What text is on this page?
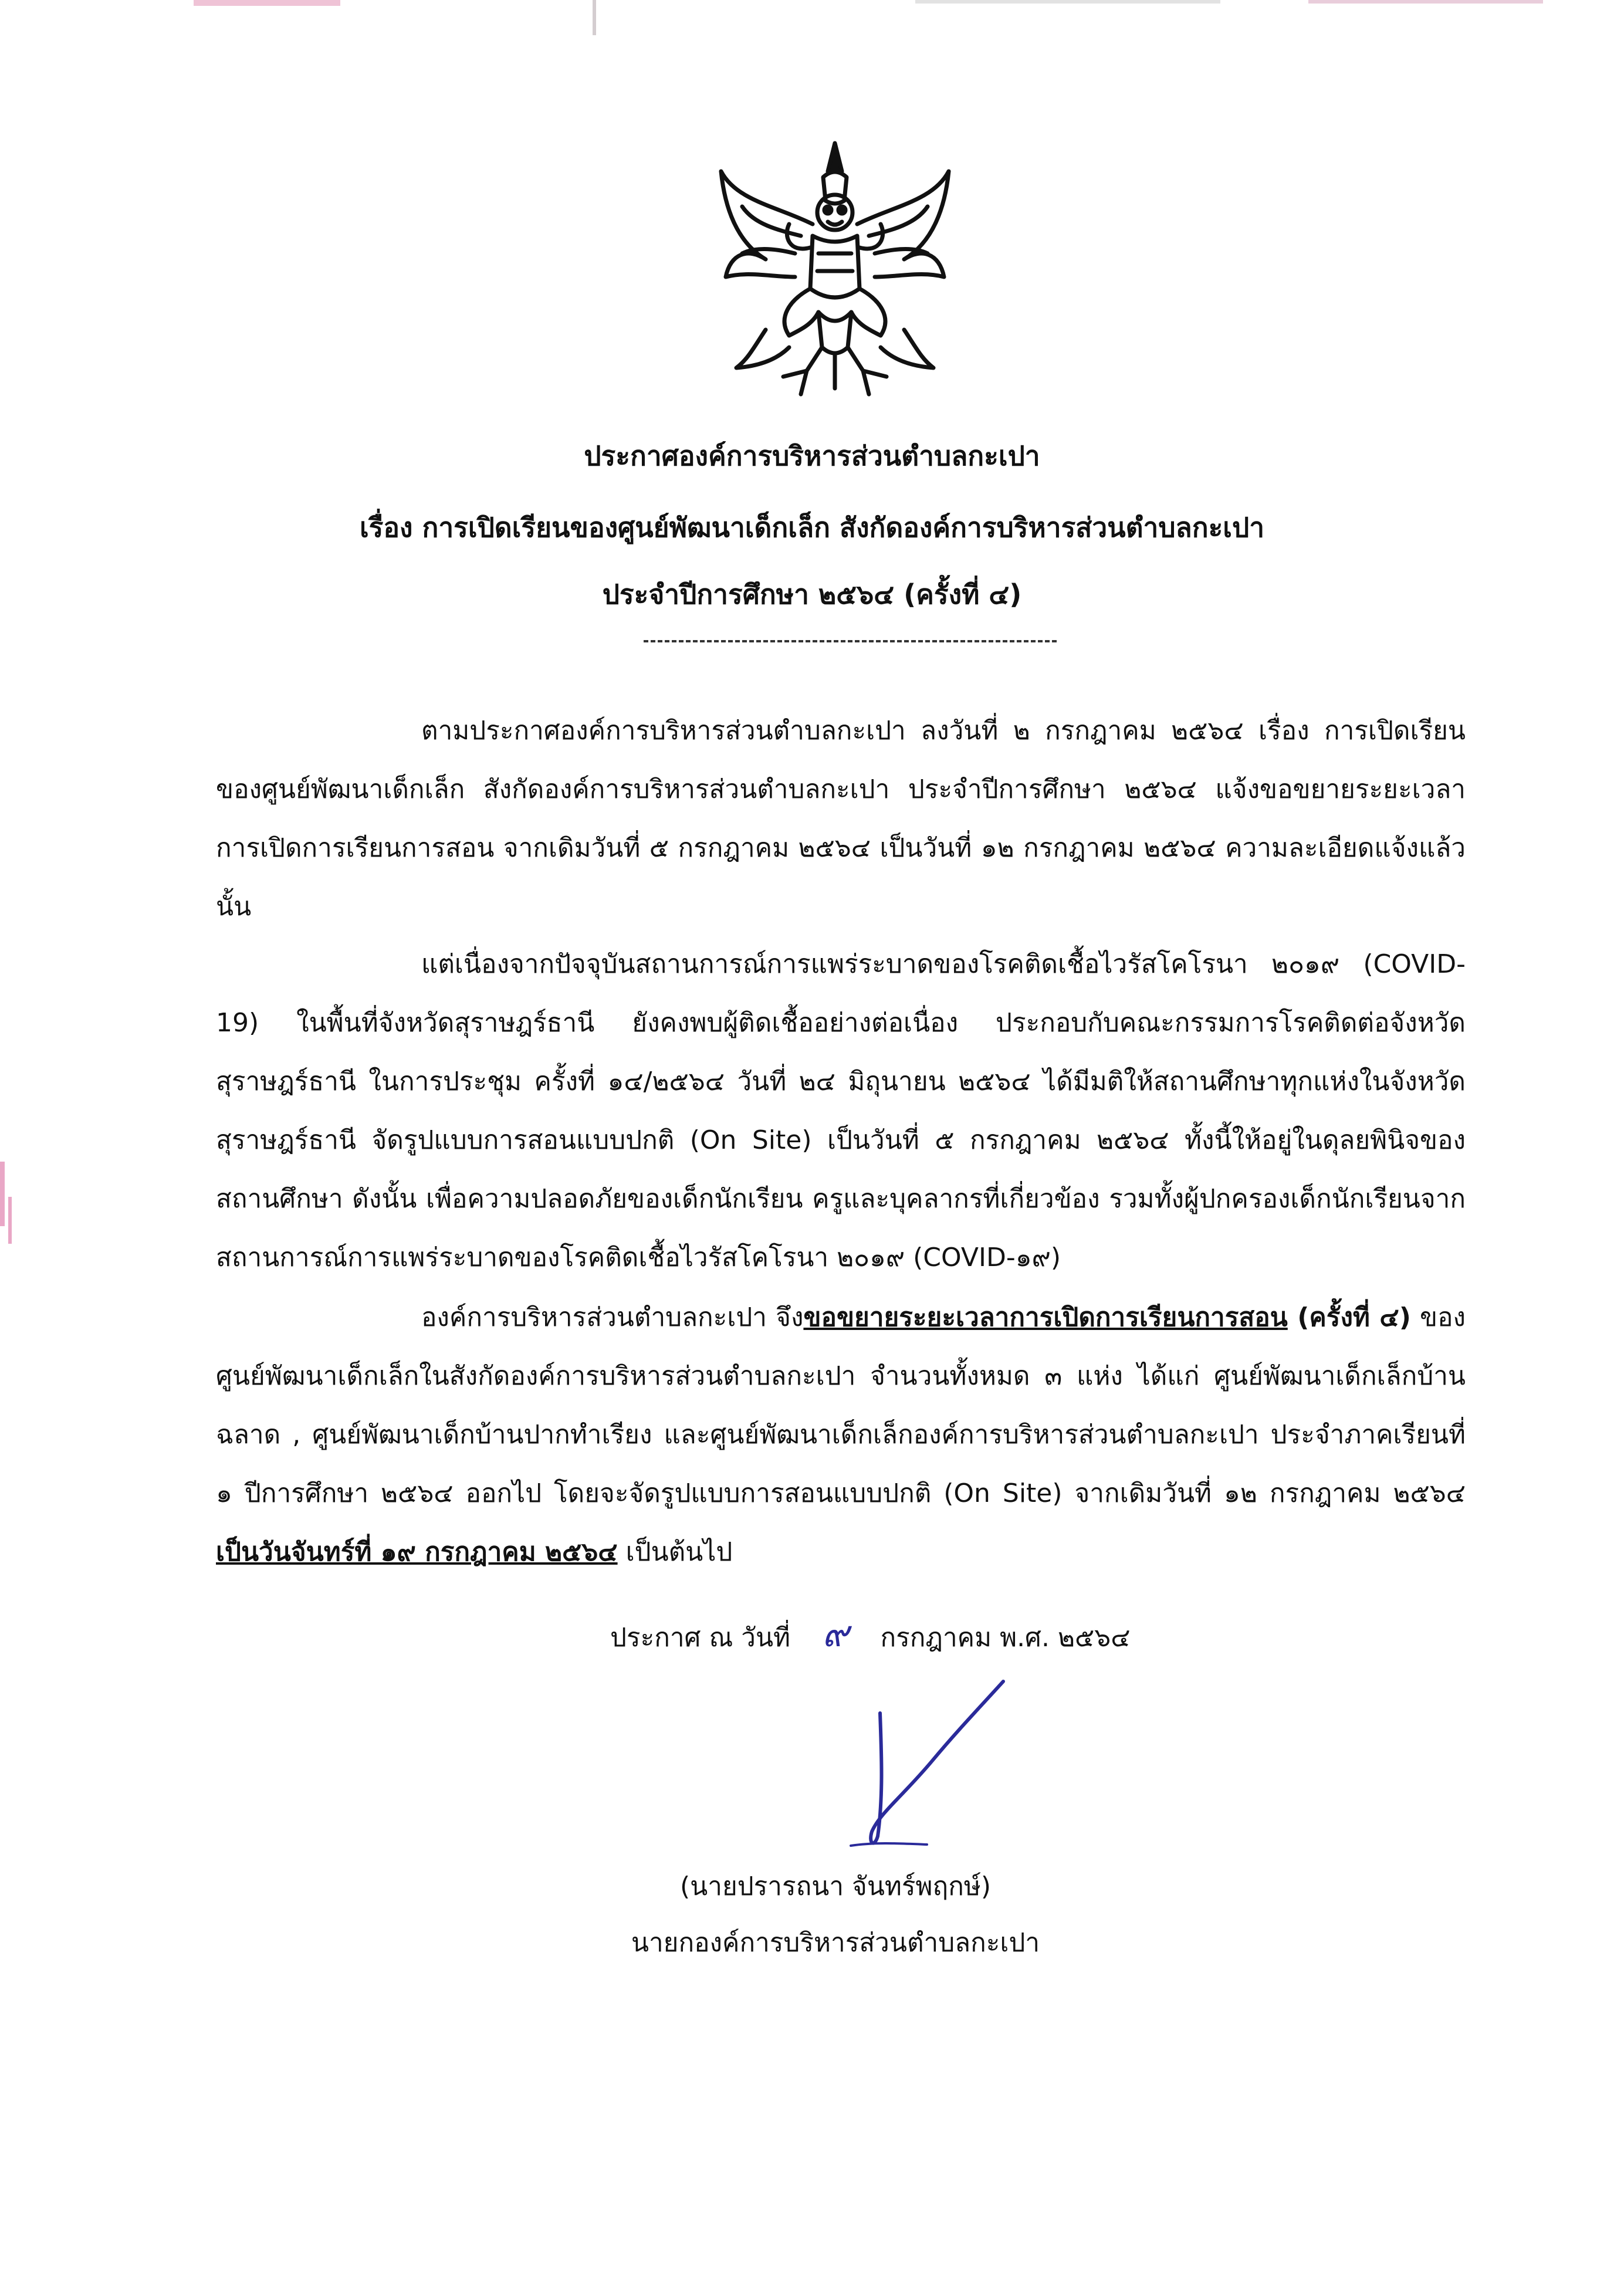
ประกาศองค์การบริหารส่วนตำบลกะเปา
เรื่อง การเปิดเรียนของศูนย์พัฒนาเด็กเล็ก สังกัดองค์การบริหารส่วนตำบลกะเปา
ประจำปีการศึกษา ๒๕๖๔ (ครั้งที่ ๔)

ตามประกาศองค์การบริหารส่วนตำบลกะเปา ลงวันที่ ๒ กรกฎาคม ๒๕๖๔ เรื่อง การเปิดเรียนของศูนย์พัฒนาเด็กเล็ก สังกัดองค์การบริหารส่วนตำบลกะเปา ประจำปีการศึกษา ๒๕๖๔ แจ้งขอขยายระยะเวลาการเปิดการเรียนการสอน จากเดิมวันที่ ๕ กรกฎาคม ๒๕๖๔ เป็นวันที่ ๑๒ กรกฎาคม ๒๕๖๔ ความละเอียดแจ้งแล้วนั้น

แต่เนื่องจากปัจจุบันสถานการณ์การแพร่ระบาดของโรคติดเชื้อไวรัสโคโรนา ๒๐๑๙ (COVID-19) ในพื้นที่จังหวัดสุราษฎร์ธานี ยังคงพบผู้ติดเชื้ออย่างต่อเนื่อง ประกอบกับคณะกรรมการโรคติดต่อจังหวัดสุราษฎร์ธานี ในการประชุม ครั้งที่ ๑๔/๒๕๖๔ วันที่ ๒๔ มิถุนายน ๒๕๖๔ ได้มีมติให้สถานศึกษาทุกแห่งในจังหวัดสุราษฎร์ธานี จัดรูปแบบการสอนแบบปกติ (On Site) เป็นวันที่ ๕ กรกฎาคม ๒๕๖๔ ทั้งนี้ให้อยู่ในดุลยพินิจของสถานศึกษา ดังนั้น เพื่อความปลอดภัยของเด็กนักเรียน ครูและบุคลากรที่เกี่ยวข้อง รวมทั้งผู้ปกครองเด็กนักเรียนจากสถานการณ์การแพร่ระบาดของโรคติดเชื้อไวรัสโคโรนา ๒๐๑๙ (COVID-๑๙)

องค์การบริหารส่วนตำบลกะเปา จึงขอขยายระยะเวลาการเปิดการเรียนการสอน (ครั้งที่ ๔) ของศูนย์พัฒนาเด็กเล็กในสังกัดองค์การบริหารส่วนตำบลกะเปา จำนวนทั้งหมด ๓ แห่ง ได้แก่ ศูนย์พัฒนาเด็กเล็กบ้านฉลาด , ศูนย์พัฒนาเด็กบ้านปากทำเรียง และศูนย์พัฒนาเด็กเล็กองค์การบริหารส่วนตำบลกะเปา ประจำภาคเรียนที่ ๑ ปีการศึกษา ๒๕๖๔ ออกไป โดยจะจัดรูปแบบการสอนแบบปกติ (On Site) จากเดิมวันที่ ๑๒ กรกฎาคม ๒๕๖๔ เป็นวันจันทร์ที่ ๑๙ กรกฎาคม ๒๕๖๔ เป็นต้นไป

ประกาศ ณ วันที่ ๙ กรกฎาคม พ.ศ. ๒๕๖๔
(นายปรารถนา จันทร์พฤกษ์)
นายกองค์การบริหารส่วนตำบลกะเปา
